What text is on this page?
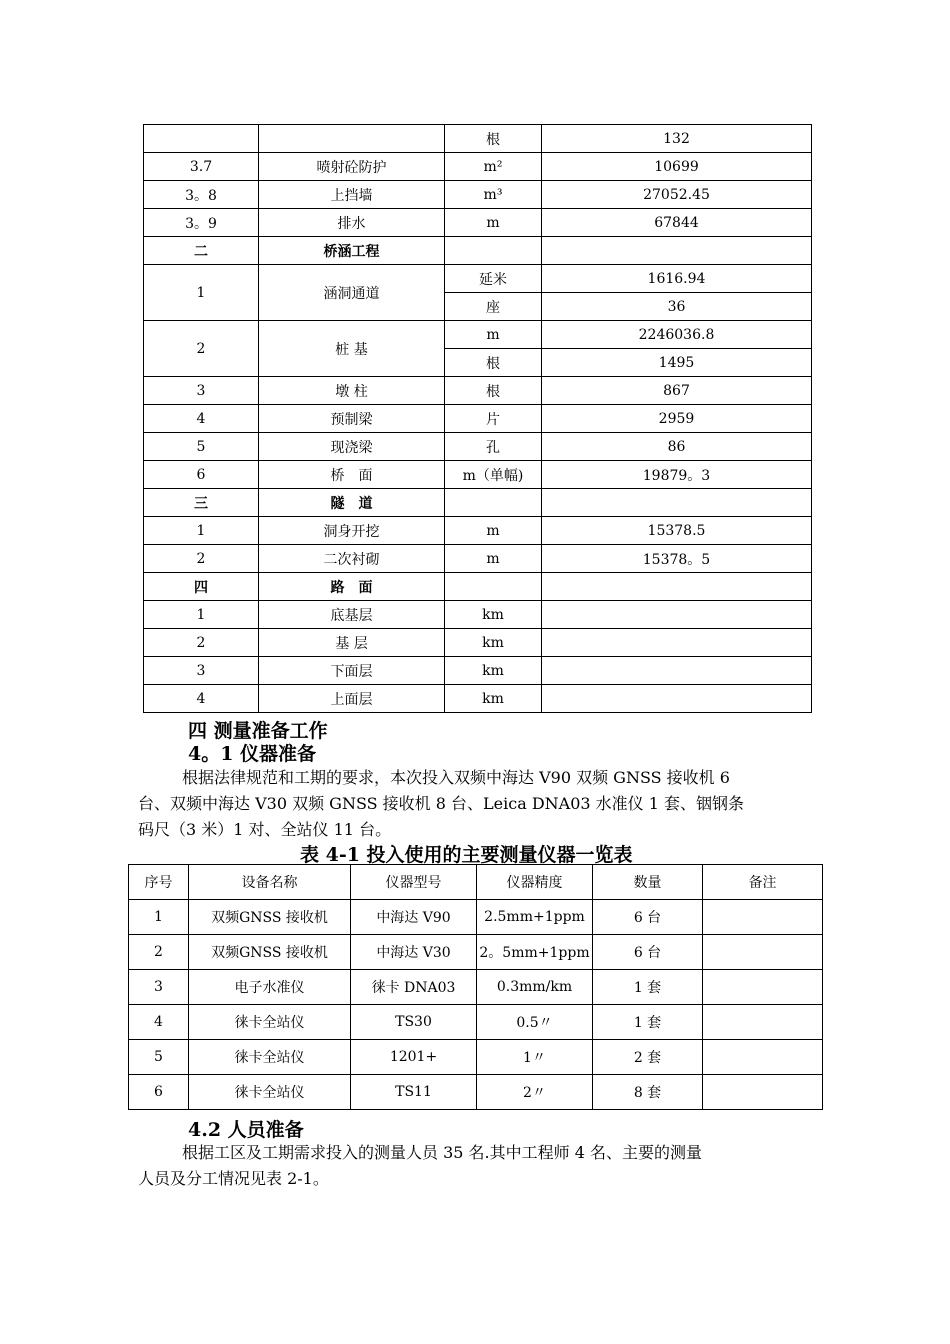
		根	132
3.7	喷射砼防护	m²	10699
3。8	上挡墙	m³	27052.45
3。9	排水	m	67844
二	桥涵工程		
1	涵洞通道	延米	1616.94
		座	36
2	桩 基	m	2246036.8
		根	1495
3	墩 柱	根	867
4	预制梁	片	2959
5	现浇梁	孔	86
6	桥　面	m（单幅)	19879。3
三	隧　道		
1	洞身开挖	m	15378.5
2	二次衬砌	m	15378。5
四	路　面		
1	底基层	km	
2	基 层	km	
3	下面层	km	
4	上面层	km	
四 测量准备工作
4。1 仪器准备
根据法律规范和工期的要求，本次投入双频中海达 V90 双频 GNSS 接收机 6
台、双频中海达 V30 双频 GNSS 接收机 8 台、Leica DNA03 水准仪 1 套、铟钢条
码尺（3 米）1 对、全站仪 11 台。
表 4-1 投入使用的主要测量仪器一览表
序号	设备名称	仪器型号	仪器精度	数量	备注
1	双频GNSS 接收机	中海达 V90	2.5mm+1ppm	6 台	
2	双频GNSS 接收机	中海达 V30	2。5mm+1ppm	6 台	
3	电子水准仪	徕卡 DNA03	0.3mm/km	1 套	
4	徕卡全站仪	TS30	0.5〃	1 套	
5	徕卡全站仪	1201+	1〃	2 套	
6	徕卡全站仪	TS11	2〃	8 套	
4.2 人员准备
根据工区及工期需求投入的测量人员 35 名.其中工程师 4 名、主要的测量
人员及分工情况见表 2-1。
